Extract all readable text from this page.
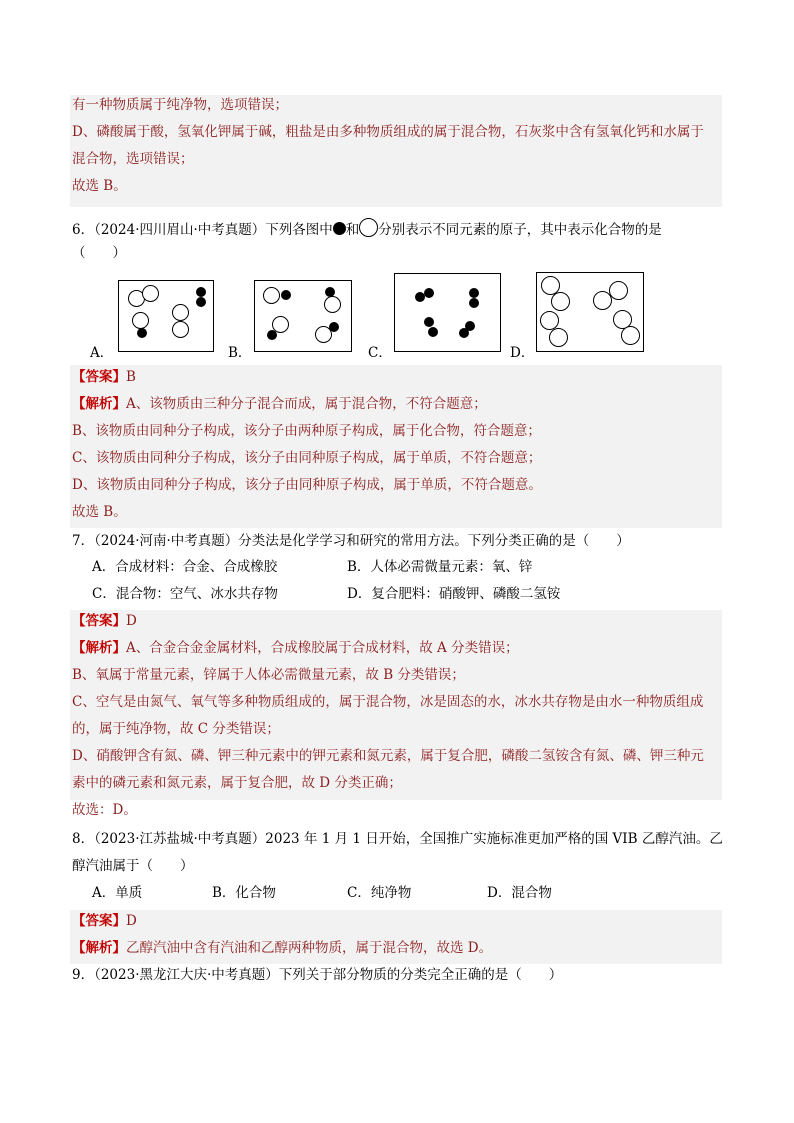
有一种物质属于纯净物，选项错误；
D、磷酸属于酸，氢氧化钾属于碱，粗盐是由多种物质组成的属于混合物，石灰浆中含有氢氧化钙和水属于
混合物，选项错误；
故选 B。
6．（2024·四川眉山·中考真题）下列各图中 和 分别表示不同元素的原子，其中表示化合物的是
（　　）
A．	B．	C．	D．
【答案】B
【解析】A、该物质由三种分子混合而成，属于混合物，不符合题意；
B、该物质由同种分子构成，该分子由两种原子构成，属于化合物，符合题意；
C、该物质由同种分子构成，该分子由同种原子构成，属于单质，不符合题意；
D、该物质由同种分子构成，该分子由同种原子构成，属于单质，不符合题意。
故选 B。
7．（2024·河南·中考真题）分类法是化学学习和研究的常用方法。下列分类正确的是（　　）
A．合成材料：合金、合成橡胶	B．人体必需微量元素：氧、锌
C．混合物：空气、冰水共存物	D．复合肥料：硝酸钾、磷酸二氢铵
【答案】D
【解析】A、合金合金金属材料，合成橡胶属于合成材料，故 A 分类错误；
B、氧属于常量元素，锌属于人体必需微量元素，故 B 分类错误；
C、空气是由氮气、氧气等多种物质组成的，属于混合物，冰是固态的水，冰水共存物是由水一种物质组成
的，属于纯净物，故 C 分类错误；
D、硝酸钾含有氮、磷、钾三种元素中的钾元素和氮元素，属于复合肥，磷酸二氢铵含有氮、磷、钾三种元
素中的磷元素和氮元素，属于复合肥，故 D 分类正确；
故选：D。
8．（2023·江苏盐城·中考真题）2023 年 1 月 1 日开始，全国推广实施标准更加严格的国 VIB 乙醇汽油。乙
醇汽油属于（　　）
A．单质	B．化合物	C．纯净物	D．混合物
【答案】D
【解析】乙醇汽油中含有汽油和乙醇两种物质，属于混合物，故选 D。
9．（2023·黑龙江大庆·中考真题）下列关于部分物质的分类完全正确的是（　　）
